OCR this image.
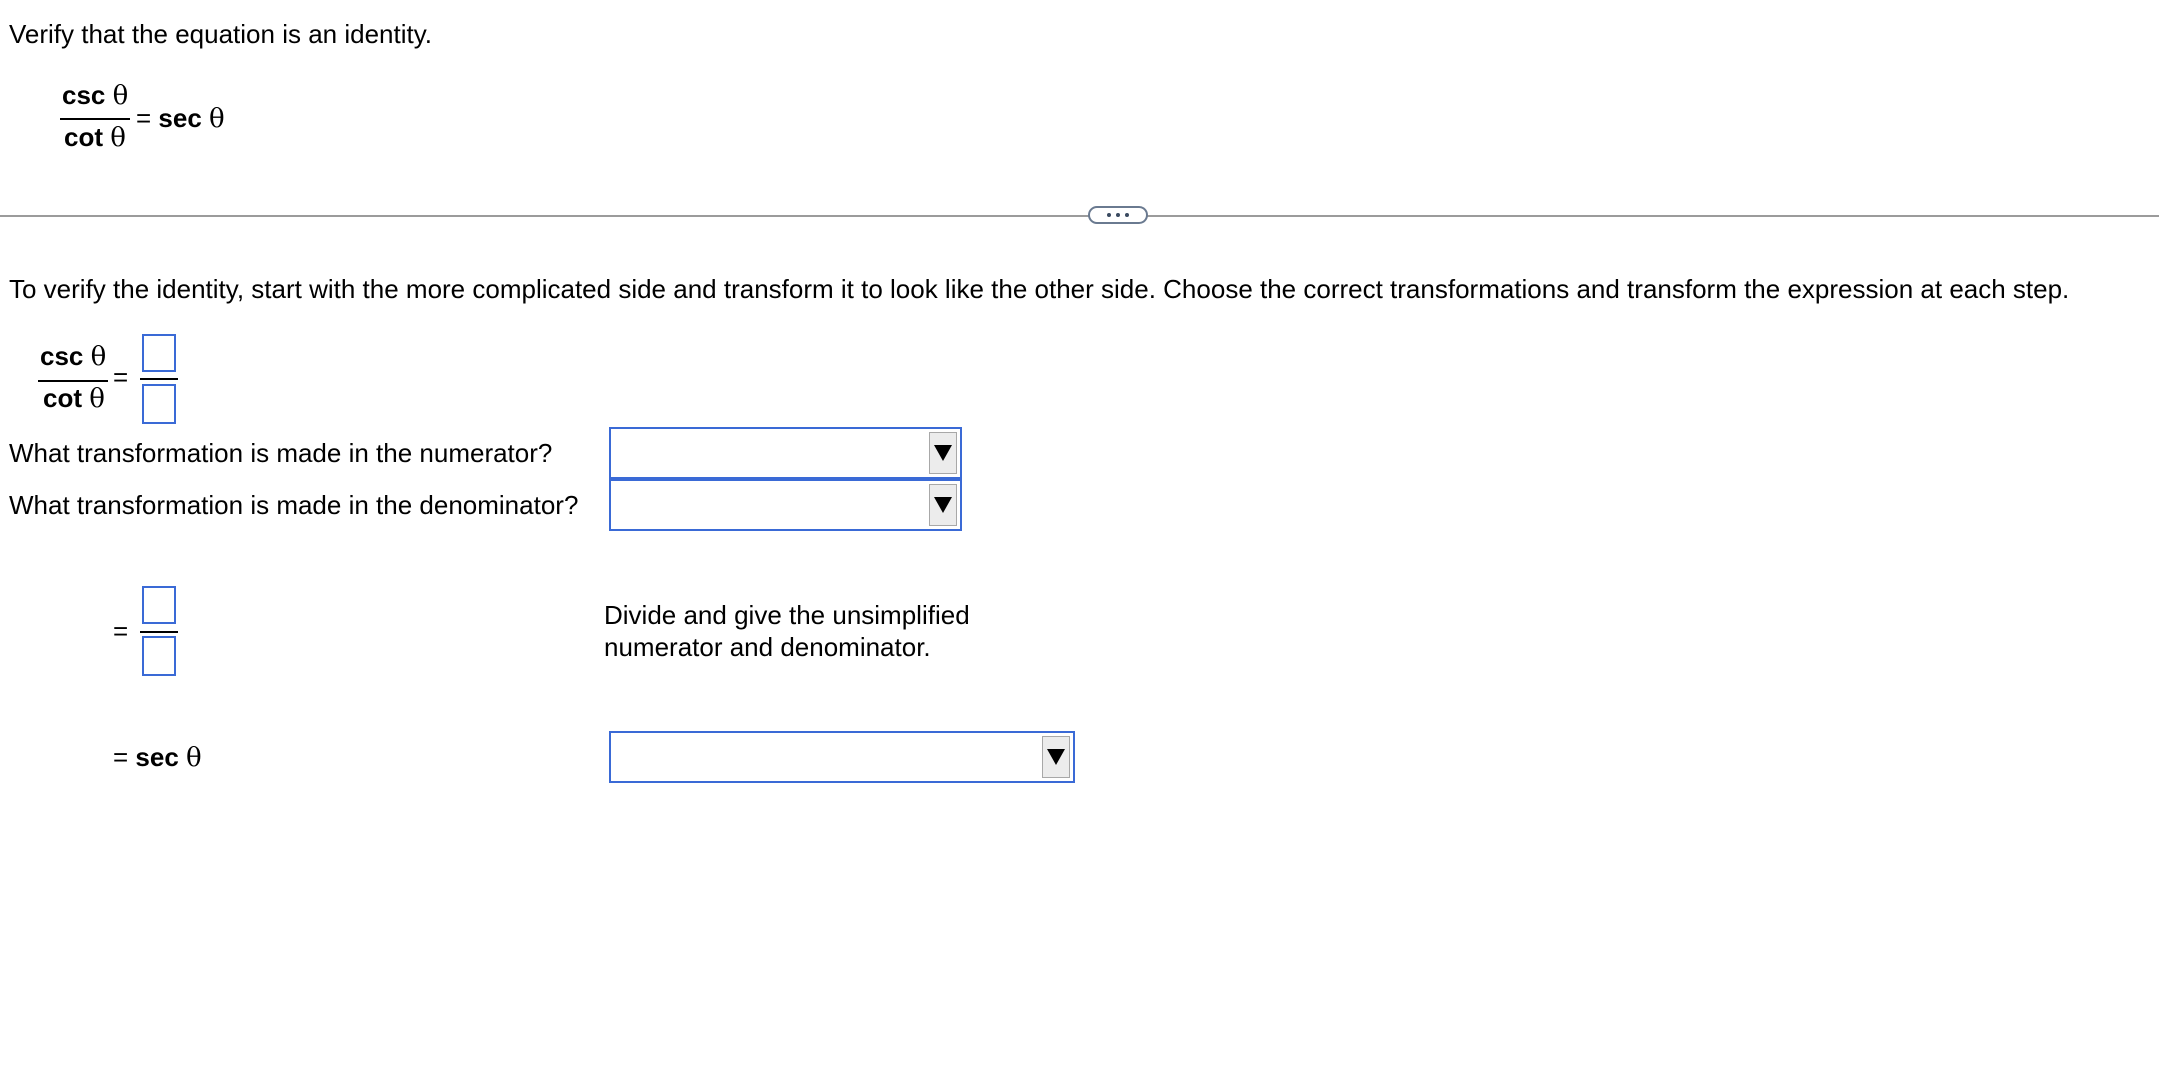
Verify that the equation is an identity.
csc θ
cot θ
= sec θ
To verify the identity, start with the more complicated side and transform it to look like the other side. Choose the correct transformations and transform the expression at each step.
csc θ
cot θ
=
What transformation is made in the numerator?
What transformation is made in the denominator?
=
Divide and give the unsimplified
numerator and denominator.
= sec θ
